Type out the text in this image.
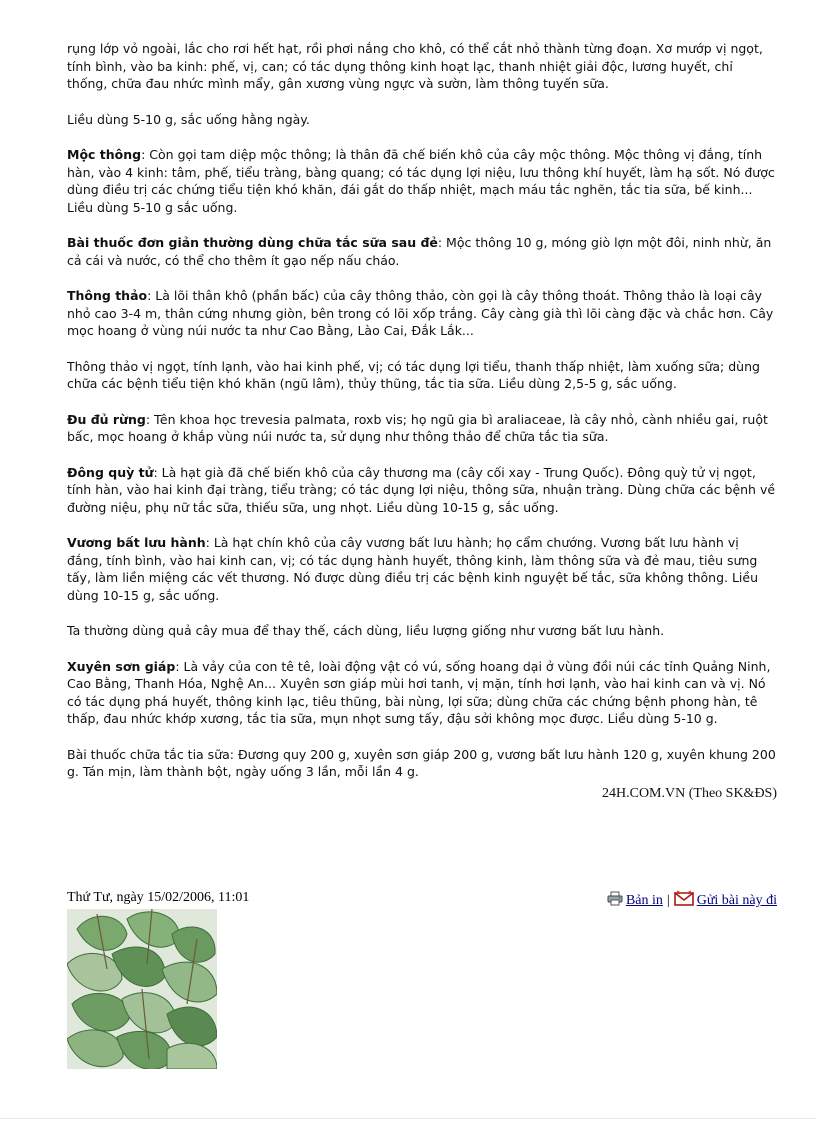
rụng lớp vỏ ngoài, lắc cho rơi hết hạt, rồi phơi nắng cho khô, có thể cắt nhỏ thành từng đoạn. Xơ mướp vị ngọt, tính bình, vào ba kinh: phế, vị, can; có tác dụng thông kinh hoạt lạc, thanh nhiệt giải độc, lương huyết, chỉ thống, chữa đau nhức mình mẩy, gân xương vùng ngực và sườn, làm thông tuyến sữa.

Liều dùng 5-10 g, sắc uống hằng ngày.

Mộc thông: Còn gọi tam diệp mộc thông; là thân đã chế biến khô của cây mộc thông. Mộc thông vị đắng, tính hàn, vào 4 kinh: tâm, phế, tiểu tràng, bàng quang; có tác dụng lợi niệu, lưu thông khí huyết, làm hạ sốt. Nó được dùng điều trị các chứng tiểu tiện khó khăn, đái gắt do thấp nhiệt, mạch máu tắc nghẽn, tắc tia sữa, bế kinh... Liều dùng 5-10 g sắc uống.

Bài thuốc đơn giản thường dùng chữa tắc sữa sau đẻ: Mộc thông 10 g, móng giò lợn một đôi, ninh nhừ, ăn cả cái và nước, có thể cho thêm ít gạo nếp nấu cháo.

Thông thảo: Là lõi thân khô (phần bấc) của cây thông thảo, còn gọi là cây thông thoát. Thông thảo là loại cây nhỏ cao 3-4 m, thân cứng nhưng giòn, bên trong có lõi xốp trắng. Cây càng già thì lõi càng đặc và chắc hơn. Cây mọc hoang ở vùng núi nước ta như Cao Bằng, Lào Cai, Đắk Lắk...

Thông thảo vị ngọt, tính lạnh, vào hai kinh phế, vị; có tác dụng lợi tiểu, thanh thấp nhiệt, làm xuống sữa; dùng chữa các bệnh tiểu tiện khó khăn (ngũ lâm), thủy thũng, tắc tia sữa. Liều dùng 2,5-5 g, sắc uống.

Đu đủ rừng: Tên khoa học trevesia palmata, roxb vis; họ ngũ gia bì araliaceae, là cây nhỏ, cành nhiều gai, ruột bấc, mọc hoang ở khắp vùng núi nước ta, sử dụng như thông thảo để chữa tắc tia sữa.

Đông quỳ tử: Là hạt già đã chế biến khô của cây thương ma (cây cối xay - Trung Quốc). Đông quỳ tử vị ngọt, tính hàn, vào hai kinh đại tràng, tiểu tràng; có tác dụng lợi niệu, thông sữa, nhuận tràng. Dùng chữa các bệnh về đường niệu, phụ nữ tắc sữa, thiếu sữa, ung nhọt. Liều dùng 10-15 g, sắc uống.

Vương bất lưu hành: Là hạt chín khô của cây vương bất lưu hành; họ cẩm chướng. Vương bất lưu hành vị đắng, tính bình, vào hai kinh can, vị; có tác dụng hành huyết, thông kinh, làm thông sữa và đẻ mau, tiêu sưng tấy, làm liền miệng các vết thương. Nó được dùng điều trị các bệnh kinh nguyệt bế tắc, sữa không thông. Liều dùng 10-15 g, sắc uống.

Ta thường dùng quả cây mua để thay thế, cách dùng, liều lượng giống như vương bất lưu hành.

Xuyên sơn giáp: Là vảy của con tê tê, loài động vật có vú, sống hoang dại ở vùng đồi núi các tỉnh Quảng Ninh, Cao Bằng, Thanh Hóa, Nghệ An... Xuyên sơn giáp mùi hơi tanh, vị mặn, tính hơi lạnh, vào hai kinh can và vị. Nó có tác dụng phá huyết, thông kinh lạc, tiêu thũng, bài nùng, lợi sữa; dùng chữa các chứng bệnh phong hàn, tê thấp, đau nhức khớp xương, tắc tia sữa, mụn nhọt sưng tấy, đậu sởi không mọc được. Liều dùng 5-10 g.

Bài thuốc chữa tắc tia sữa: Đương quy 200 g, xuyên sơn giáp 200 g, vương bất lưu hành 120 g, xuyên khung 200 g. Tán mịn, làm thành bột, ngày uống 3 lần, mỗi lần 4 g.

24H.COM.VN (Theo SK&ĐS)
Thứ Tư, ngày 15/02/2006, 11:01	Bản in | Gửi bài này đi
